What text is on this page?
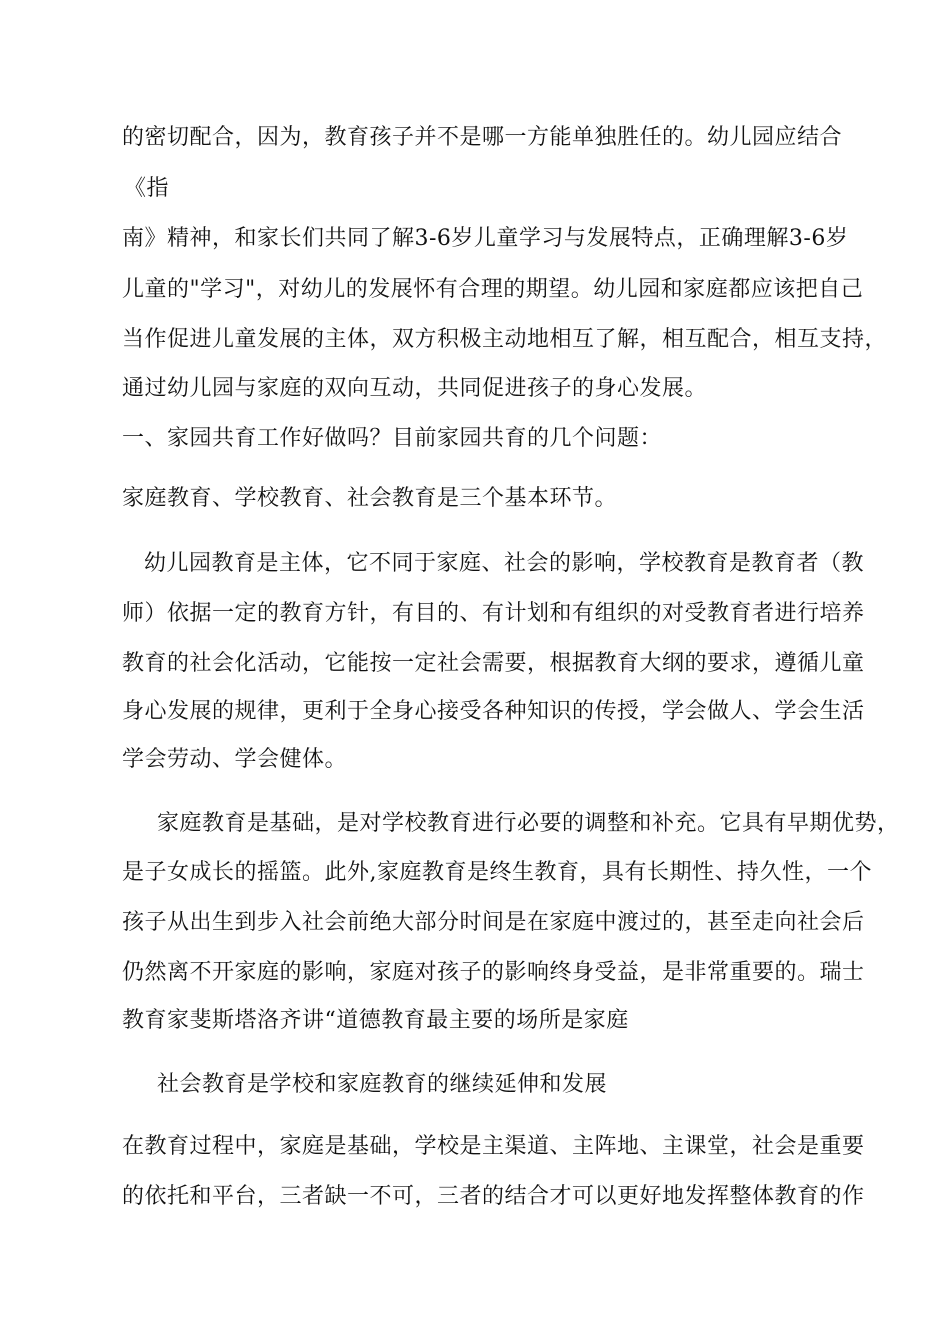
的密切配合，因为，教育孩子并不是哪一方能单独胜任的。幼儿园应结合
《指
南》精神，和家长们共同了解3-6岁儿童学习与发展特点，正确理解3-6岁
儿童的"学习"，对幼儿的发展怀有合理的期望。幼儿园和家庭都应该把自己
当作促进儿童发展的主体，双方积极主动地相互了解，相互配合，相互支持，
通过幼儿园与家庭的双向互动，共同促进孩子的身心发展。
一、家园共育工作好做吗？目前家园共育的几个问题：
家庭教育、学校教育、社会教育是三个基本环节。
幼儿园教育是主体，它不同于家庭、社会的影响，学校教育是教育者（教
师）依据一定的教育方针，有目的、有计划和有组织的对受教育者进行培养
教育的社会化活动，它能按一定社会需要，根据教育大纲的要求，遵循儿童
身心发展的规律，更利于全身心接受各种知识的传授，学会做人、学会生活
学会劳动、学会健体。
家庭教育是基础，是对学校教育进行必要的调整和补充。它具有早期优势，
是子女成长的摇篮。此外,家庭教育是终生教育，具有长期性、持久性，一个
孩子从出生到步入社会前绝大部分时间是在家庭中渡过的，甚至走向社会后
仍然离不开家庭的影响，家庭对孩子的影响终身受益，是非常重要的。瑞士
教育家斐斯塔洛齐讲“道德教育最主要的场所是家庭
社会教育是学校和家庭教育的继续延伸和发展
在教育过程中，家庭是基础，学校是主渠道、主阵地、主课堂，社会是重要
的依托和平台，三者缺一不可，三者的结合才可以更好地发挥整体教育的作
